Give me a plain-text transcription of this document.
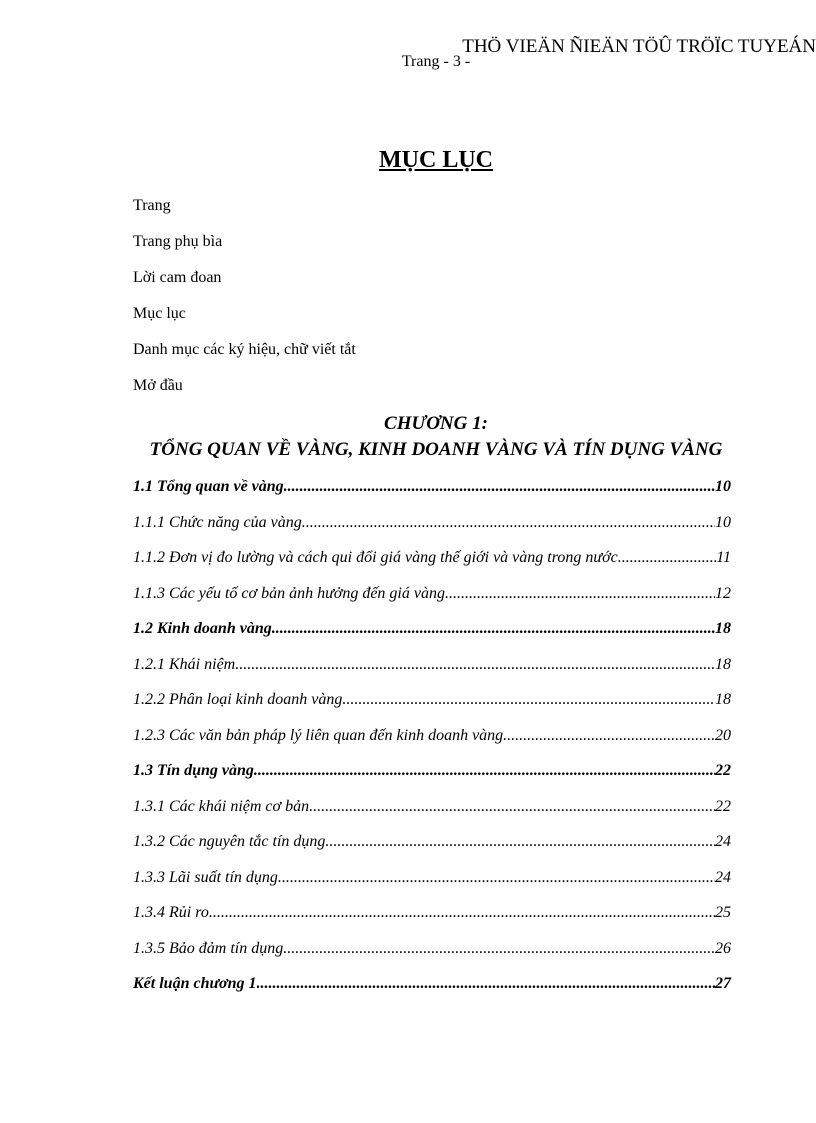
THÖ VIEÄN ÑIEÄN TÖÛ TRÖÏC TUYEÁN
Trang - 3 -
MỤC LỤC
Trang
Trang phụ bìa
Lời cam đoan
Mục lục
Danh mục các ký hiệu, chữ viết tắt
Mở đầu
CHƯƠNG 1:
TỔNG QUAN VỀ VÀNG, KINH DOANH VÀNG VÀ TÍN DỤNG VÀNG
1.1 Tổng quan về vàng .....	10
1.1.1 Chức năng của vàng .....	10
1.1.2 Đơn vị đo lường và cách qui đổi giá vàng thế giới và vàng trong nước .....	11
1.1.3 Các yếu tố cơ bản ảnh hưởng đến giá vàng .....	12
1.2 Kinh doanh vàng .....	18
1.2.1 Khái niệm .....	18
1.2.2 Phân loại kinh doanh vàng .....	18
1.2.3 Các văn bản pháp lý liên quan đến kinh doanh vàng .....	20
1.3 Tín dụng vàng .....	22
1.3.1 Các khái niệm cơ bản .....	22
1.3.2 Các nguyên tắc tín dụng .....	24
1.3.3 Lãi suất tín dụng .....	24
1.3.4 Rủi ro .....	25
1.3.5 Bảo đảm tín dụng .....	26
Kết luận chương 1 .....	27
